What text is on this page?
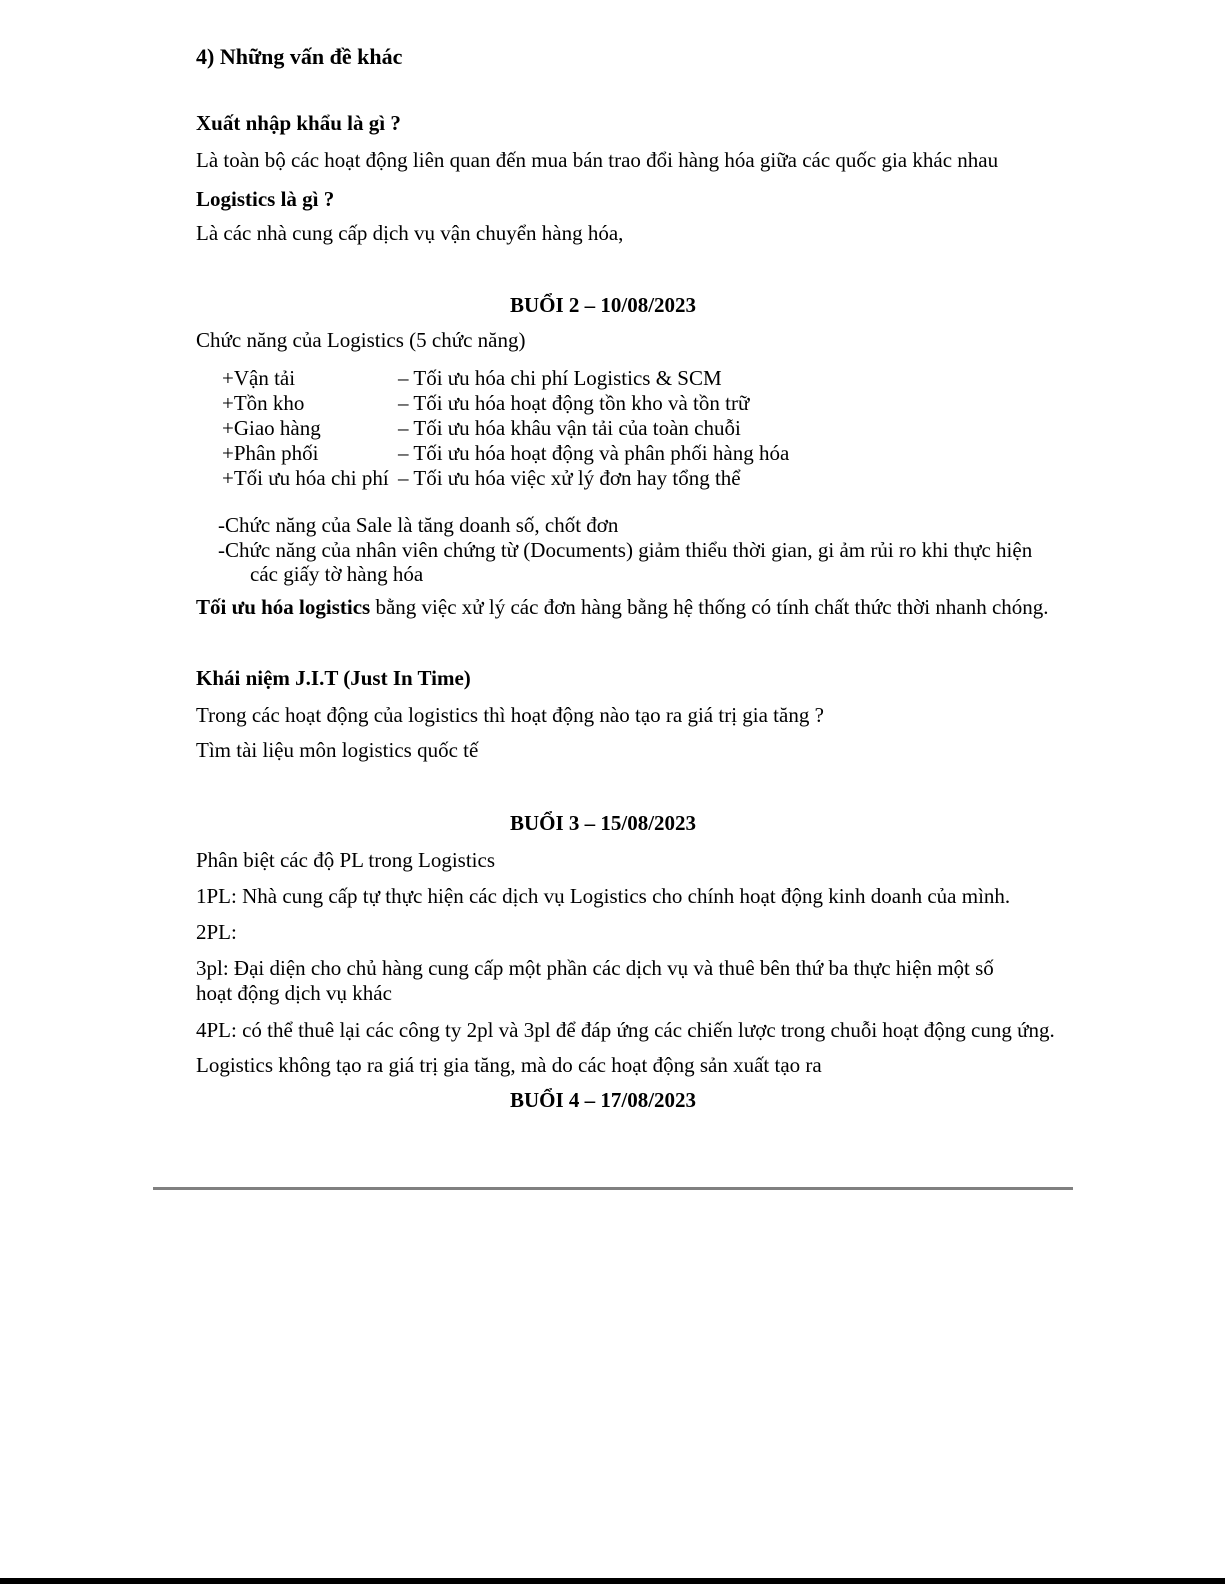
4) Những vấn đề khác
Xuất nhập khẩu là gì ?
Là toàn bộ các hoạt động liên quan đến mua bán trao đổi hàng hóa giữa các quốc gia khác nhau
Logistics là gì ?
Là các nhà cung cấp dịch vụ vận chuyển hàng hóa,
BUỔI 2 – 10/08/2023
Chức năng của Logistics (5 chức năng)
+Vận tải	– Tối ưu hóa chi phí Logistics & SCM
+Tồn kho	– Tối ưu hóa hoạt động tồn kho và tồn trữ
+Giao hàng	– Tối ưu hóa khâu vận tải của toàn chuỗi
+Phân phối	– Tối ưu hóa hoạt động và phân phối hàng hóa
+Tối ưu hóa chi phí – Tối ưu hóa việc xử lý đơn hay tổng thể
-Chức năng của Sale là tăng doanh số, chốt đơn
-Chức năng của nhân viên chứng từ (Documents) giảm thiểu thời gian, gi ảm rủi ro khi thực hiện
các giấy tờ hàng hóa
Tối ưu hóa logistics bằng việc xử lý các đơn hàng bằng hệ thống có tính chất thức thời nhanh chóng.
Khái niệm J.I.T (Just In Time)
Trong các hoạt động của logistics thì hoạt động nào tạo ra giá trị gia tăng ?
Tìm tài liệu môn logistics quốc tế
BUỔI 3 – 15/08/2023
Phân biệt các độ PL trong Logistics
1PL: Nhà cung cấp tự thực hiện các dịch vụ Logistics cho chính hoạt động kinh doanh của mình.
2PL:
3pl: Đại diện cho chủ hàng cung cấp một phần các dịch vụ và thuê bên thứ ba thực hiện một số hoạt động dịch vụ khác
4PL: có thể thuê lại các công ty 2pl và 3pl để đáp ứng các chiến lược trong chuỗi hoạt động cung ứng.
Logistics không tạo ra giá trị gia tăng, mà do các hoạt động sản xuất tạo ra
BUỔI 4 – 17/08/2023
